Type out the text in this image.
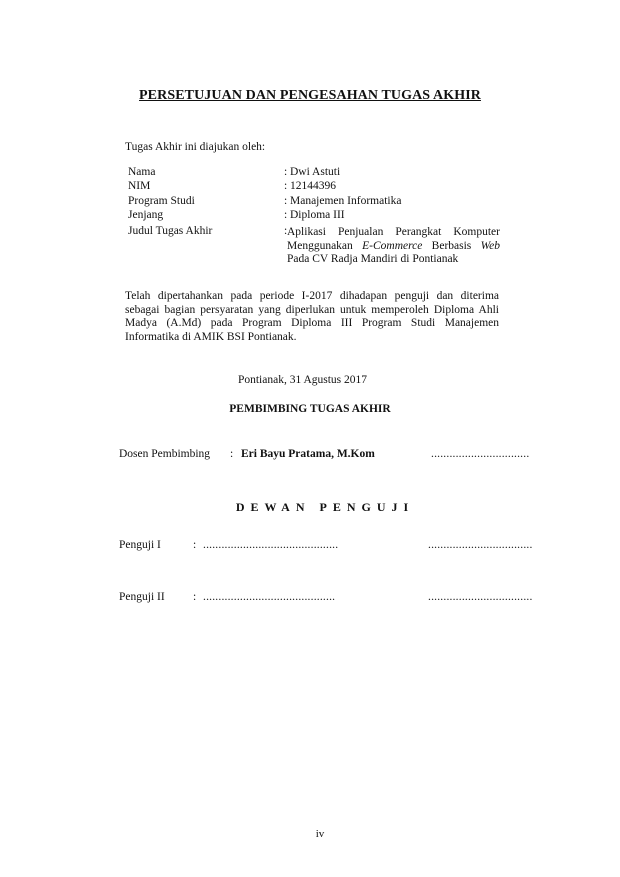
PERSETUJUAN DAN PENGESAHAN TUGAS AKHIR
Tugas Akhir ini diajukan oleh:
Nama	: Dwi Astuti
NIM	: 12144396
Program Studi	: Manajemen Informatika
Jenjang	: Diploma III
Judul Tugas Akhir	: Aplikasi Penjualan Perangkat Komputer Menggunakan E-Commerce Berbasis Web Pada CV Radja Mandiri di Pontianak
Telah dipertahankan pada periode I-2017 dihadapan penguji dan diterima sebagai bagian persyaratan yang diperlukan untuk memperoleh Diploma Ahli Madya (A.Md) pada Program Diploma III Program Studi Manajemen Informatika di AMIK BSI Pontianak.
Pontianak, 31 Agustus 2017
PEMBIMBING TUGAS AKHIR
Dosen Pembimbing : Eri Bayu Pratama, M.Kom	................................
DEWAN PENGUJI
Penguji I	: ............................................	..................................
Penguji II : ...........................................	..................................
iv
